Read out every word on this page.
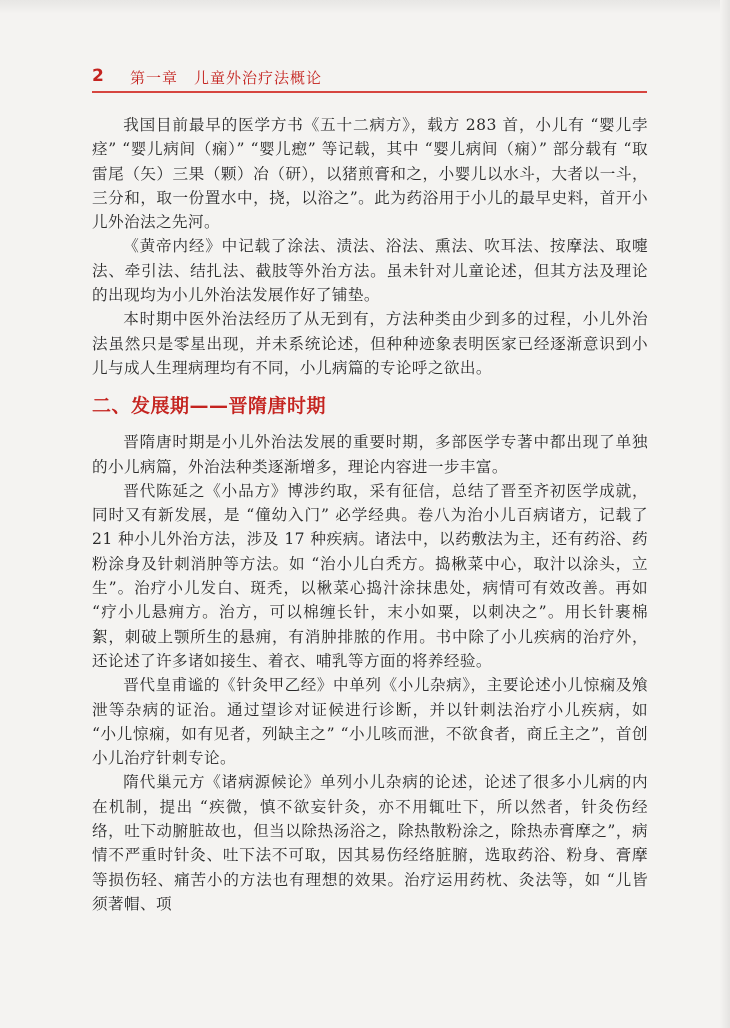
2 第一章　儿童外治疗法概论

我国目前最早的医学方书《五十二病方》，载方 283 首，小儿有 “婴儿孛痉” “婴儿病间（痫）” “婴儿瘛” 等记载，其中 “婴儿病间（痫）” 部分载有 “取雷尾（矢）三果（颗）冶（研），以猪煎膏和之，小婴儿以水斗，大者以一斗，三分和，取一份置水中，挠，以浴之”。此为药浴用于小儿的最早史料，首开小儿外治法之先河。

《黄帝内经》中记载了涂法、渍法、浴法、熏法、吹耳法、按摩法、取嚏法、牵引法、结扎法、截肢等外治方法。虽未针对儿童论述，但其方法及理论的出现均为小儿外治法发展作好了铺垫。

本时期中医外治法经历了从无到有，方法种类由少到多的过程，小儿外治法虽然只是零星出现，并未系统论述，但种种迹象表明医家已经逐渐意识到小儿与成人生理病理均有不同，小儿病篇的专论呼之欲出。

二、发展期——晋隋唐时期

晋隋唐时期是小儿外治法发展的重要时期，多部医学专著中都出现了单独的小儿病篇，外治法种类逐渐增多，理论内容进一步丰富。

晋代陈延之《小品方》博涉约取，采有征信，总结了晋至齐初医学成就，同时又有新发展，是 “僮幼入门” 必学经典。卷八为治小儿百病诸方，记载了 21 种小儿外治方法，涉及 17 种疾病。诸法中，以药敷法为主，还有药浴、药粉涂身及针刺消肿等方法。如 “治小儿白秃方。捣楸菜中心，取汁以涂头，立生”。治疗小儿发白、斑秃，以楸菜心捣汁涂抹患处，病情可有效改善。再如 “疗小儿悬痈方。治方，可以棉缠长针，末小如粟，以刺决之”。用长针裹棉絮，刺破上颚所生的悬痈，有消肿排脓的作用。书中除了小儿疾病的治疗外，还论述了许多诸如接生、着衣、哺乳等方面的将养经验。

晋代皇甫谧的《针灸甲乙经》中单列《小儿杂病》，主要论述小儿惊痫及飧泄等杂病的证治。通过望诊对证候进行诊断，并以针刺法治疗小儿疾病，如 “小儿惊痫，如有见者，列缺主之” “小儿咳而泄，不欲食者，商丘主之”，首创小儿治疗针刺专论。

隋代巢元方《诸病源候论》单列小儿杂病的论述，论述了很多小儿病的内在机制，提出 “疾微，慎不欲妄针灸，亦不用辄吐下，所以然者，针灸伤经络，吐下动腑脏故也，但当以除热汤浴之，除热散粉涂之，除热赤膏摩之”，病情不严重时针灸、吐下法不可取，因其易伤经络脏腑，选取药浴、粉身、膏摩等损伤轻、痛苦小的方法也有理想的效果。治疗运用药枕、灸法等，如 “儿皆须著帽、项
